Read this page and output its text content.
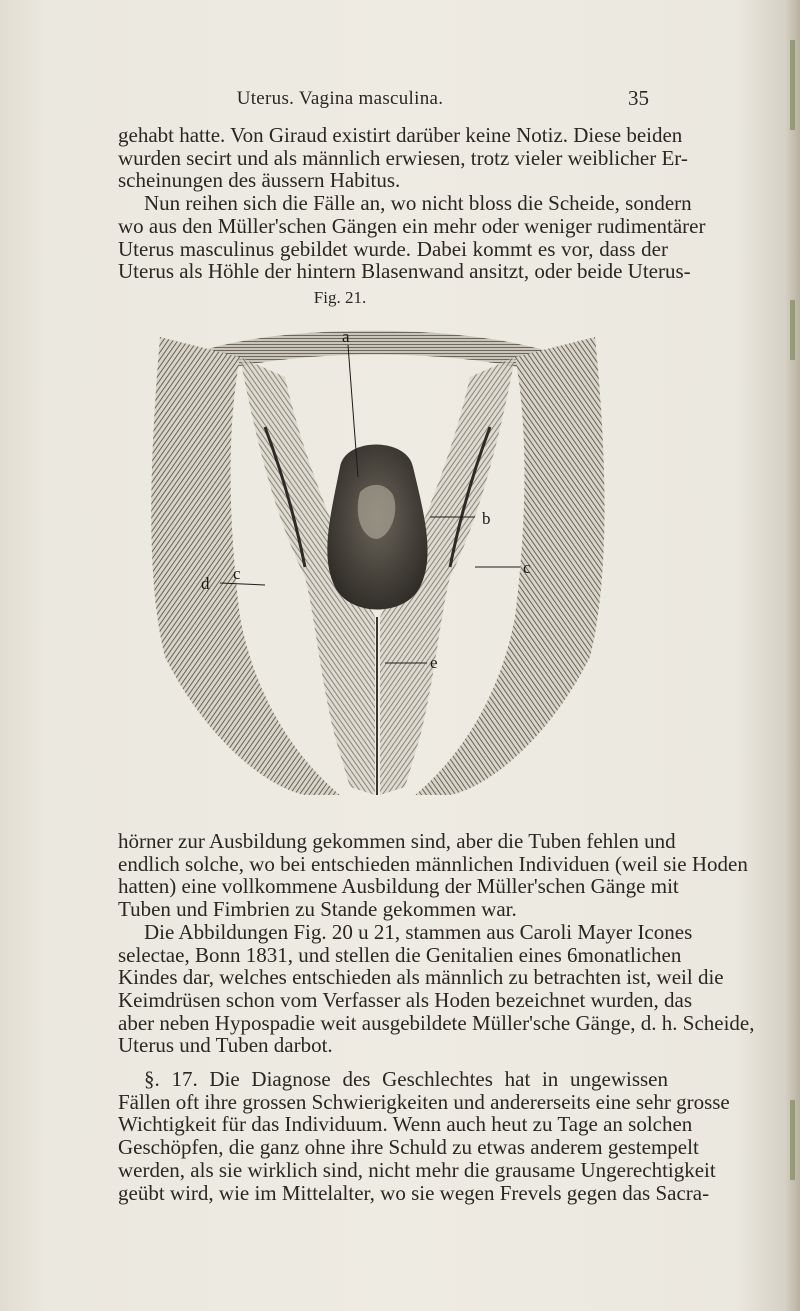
Uterus. Vagina masculina.	35
gehabt hatte. Von Giraud existirt darüber keine Notiz. Diese beiden
wurden secirt und als männlich erwiesen, trotz vieler weiblicher Er-
scheinungen des äussern Habitus.
Nun reihen sich die Fälle an, wo nicht bloss die Scheide, sondern
wo aus den Müller'schen Gängen ein mehr oder weniger rudimentärer
Uterus masculinus gebildet wurde. Dabei kommt es vor, dass der
Uterus als Höhle der hintern Blasenwand ansitzt, oder beide Uterus-
Fig. 21.
a
b
d
c	c
e
hörner zur Ausbildung gekommen sind, aber die Tuben fehlen und
endlich solche, wo bei entschieden männlichen Individuen (weil sie Hoden
hatten) eine vollkommene Ausbildung der Müller'schen Gänge mit
Tuben und Fimbrien zu Stande gekommen war.
Die Abbildungen Fig. 20 u 21, stammen aus Caroli Mayer Icones
selectae, Bonn 1831, und stellen die Genitalien eines 6monatlichen
Kindes dar, welches entschieden als männlich zu betrachten ist, weil die
Keimdrüsen schon vom Verfasser als Hoden bezeichnet wurden, das
aber neben Hypospadie weit ausgebildete Müller'sche Gänge, d. h. Scheide,
Uterus und Tuben darbot.
§. 17. Die Diagnose des Geschlechtes hat in ungewissen
Fällen oft ihre grossen Schwierigkeiten und andererseits eine sehr grosse
Wichtigkeit für das Individuum. Wenn auch heut zu Tage an solchen
Geschöpfen, die ganz ohne ihre Schuld zu etwas anderem gestempelt
werden, als sie wirklich sind, nicht mehr die grausame Ungerechtigkeit
geübt wird, wie im Mittelalter, wo sie wegen Frevels gegen das Sacra-
